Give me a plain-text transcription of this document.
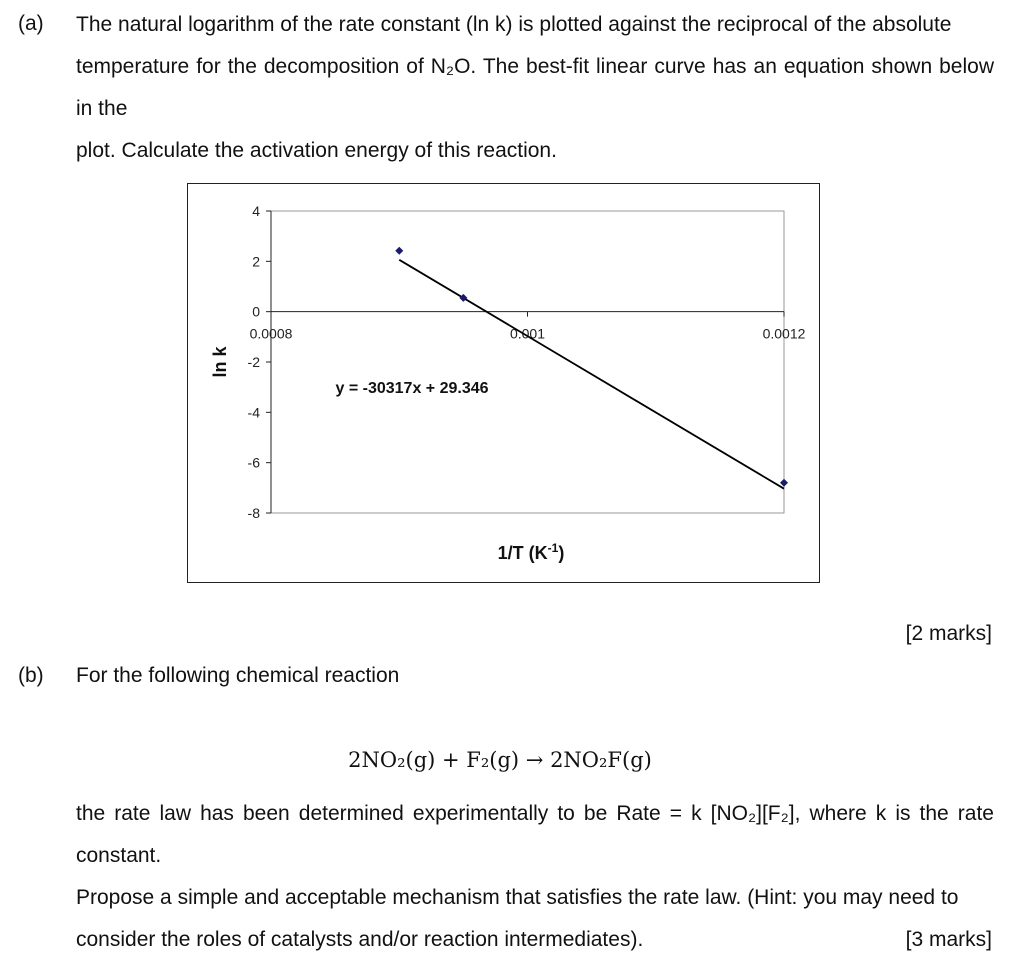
(a) The natural logarithm of the rate constant (ln k) is plotted against the reciprocal of the absolute
temperature for the decomposition of N₂O. The best-fit linear curve has an equation shown below in the
plot. Calculate the activation energy of this reaction.
4
2
0
-2
-4
-6
-8
0.0008	0.001	0.0012
ln k
1/T $(K^{-1})$
y = -30317x + 29.346
[2 marks]
(b) For the following chemical reaction
2NO₂(g) + F₂(g) → 2NO₂F(g)
the rate law has been determined experimentally to be Rate = k [NO₂][F₂], where k is the rate constant.
Propose a simple and acceptable mechanism that satisfies the rate law. (Hint: you may need to
consider the roles of catalysts and/or reaction intermediates).	[3 marks]
